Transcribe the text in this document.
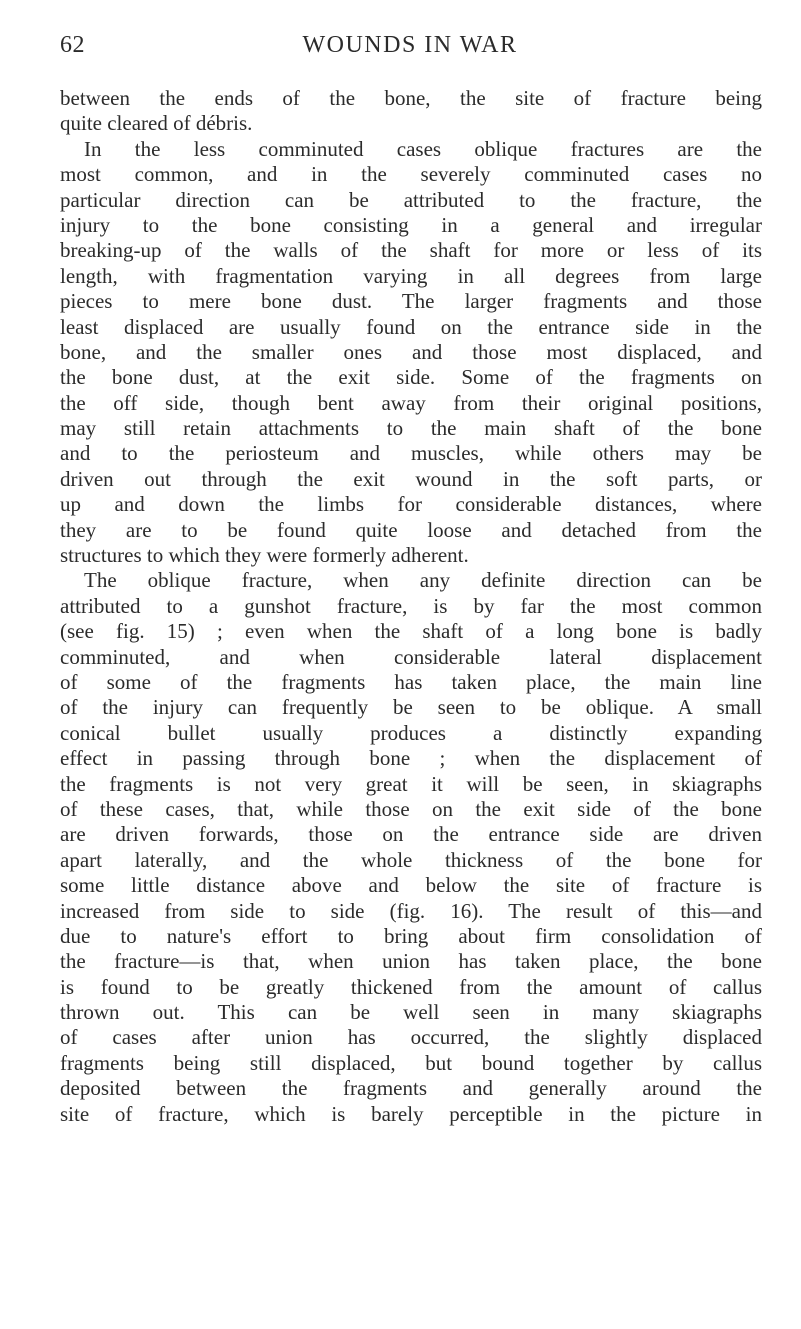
62	WOUNDS IN WAR
between the ends of the bone, the site of fracture being
quite cleared of débris.
In the less comminuted cases oblique fractures are the
most common, and in the severely comminuted cases no
particular direction can be attributed to the fracture, the
injury to the bone consisting in a general and irregular
breaking-up of the walls of the shaft for more or less of its
length, with fragmentation varying in all degrees from large
pieces to mere bone dust. The larger fragments and those
least displaced are usually found on the entrance side in the
bone, and the smaller ones and those most displaced, and
the bone dust, at the exit side. Some of the fragments on
the off side, though bent away from their original positions,
may still retain attachments to the main shaft of the bone
and to the periosteum and muscles, while others may be
driven out through the exit wound in the soft parts, or
up and down the limbs for considerable distances, where
they are to be found quite loose and detached from the
structures to which they were formerly adherent.
The oblique fracture, when any definite direction can be
attributed to a gunshot fracture, is by far the most common
(see fig. 15) ; even when the shaft of a long bone is badly
comminuted, and when considerable lateral displacement
of some of the fragments has taken place, the main line
of the injury can frequently be seen to be oblique. A small
conical bullet usually produces a distinctly expanding
effect in passing through bone ; when the displacement of
the fragments is not very great it will be seen, in skiagraphs
of these cases, that, while those on the exit side of the bone
are driven forwards, those on the entrance side are driven
apart laterally, and the whole thickness of the bone for
some little distance above and below the site of fracture is
increased from side to side (fig. 16). The result of this—and
due to nature's effort to bring about firm consolidation of
the fracture—is that, when union has taken place, the bone
is found to be greatly thickened from the amount of callus
thrown out. This can be well seen in many skiagraphs
of cases after union has occurred, the slightly displaced
fragments being still displaced, but bound together by callus
deposited between the fragments and generally around the
site of fracture, which is barely perceptible in the picture in
